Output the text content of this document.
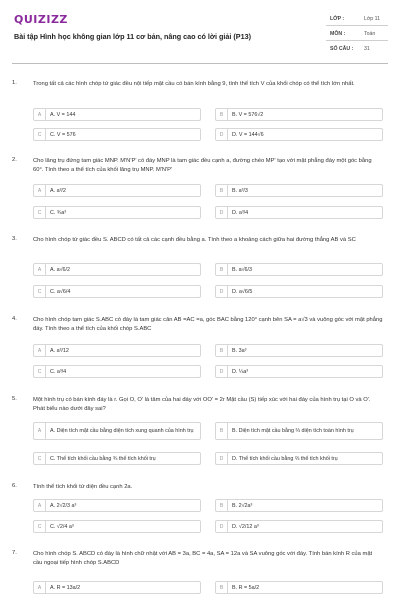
QUIZIZZ
Bài tập Hình học không gian lớp 11 cơ bản, nâng cao có lời giải (P13)
LỚP :	Lớp 11
MÔN :	Toán
SỐ CÂU : 31
1.	Trong tất cả các hình chóp tứ giác đều nội tiếp mặt cầu có bán kính bằng 9, tính thể tích V của khối chóp có thể tích lớn nhất.
A	A. V = 144	B	B. V = 576√2
C	C. V = 576	D	D. V = 144√6
2.	Cho lăng trụ đứng tam giác MNP. M'N'P' có đáy MNP là tam giác đều cạnh a, đường chéo MP' tạo với mặt phẳng đáy một góc bằng 60°. Tính theo a thể tích của khối lăng trụ MNP. M'N'P'
A	A. a³/2	B	B. a³/3
C	C. ¾a³	D	D. a³/4
3.	Cho hình chóp tứ giác đều S. ABCD có tất cả các cạnh đều bằng a. Tính theo a khoảng cách giữa hai đường thẳng AB và SC
A	A. a√6/2	B	B. a√6/3
C	C. a√6/4	D	D. a√6/5
4.	Cho hình chóp tam giác S.ABC có đáy là tam giác cân AB =AC =a, góc BAC bằng 120° cạnh bên SA = a√3 và vuông góc với mặt phẳng đáy. Tính theo a thể tích của khối chóp S.ABC
A	A. a³/12	B	B. 3a³
C	C. a³/4	D	D. ¼a³
5.	Một hình trụ có bán kính đáy là r. Gọi O, O' là tâm của hai đáy với OO' = 2r Mặt cầu (S) tiếp xúc với hai đáy của hình trụ tại O và O'. Phát biểu nào dưới đây sai?
A	A. Diện tích mặt cầu bằng diện tích xung quanh của hình trụ	B	B. Diện tích mặt cầu bằng ⅔ diện tích toàn hình trụ
C	C. Thể tích khối cầu bằng ¾ thể tích khối trụ	D	D. Thể tích khối cầu bằng ⅔ thể tích khối trụ
6.	Tính thể tích khối tứ diện đều cạnh 2a.
A	A. 2√2/3 a³	B	B. 2√2a³
C	C. √2/4 a³	D	D. √2/12 a³
7.	Cho hình chóp S. ABCD có đáy là hình chữ nhật với AB = 3a, BC = 4a, SA = 12a và SA vuông góc với đáy. Tính bán kính R của mặt cầu ngoại tiếp hình chóp S.ABCD
A	A. R = 13a/2	B	B. R = 5a/2
